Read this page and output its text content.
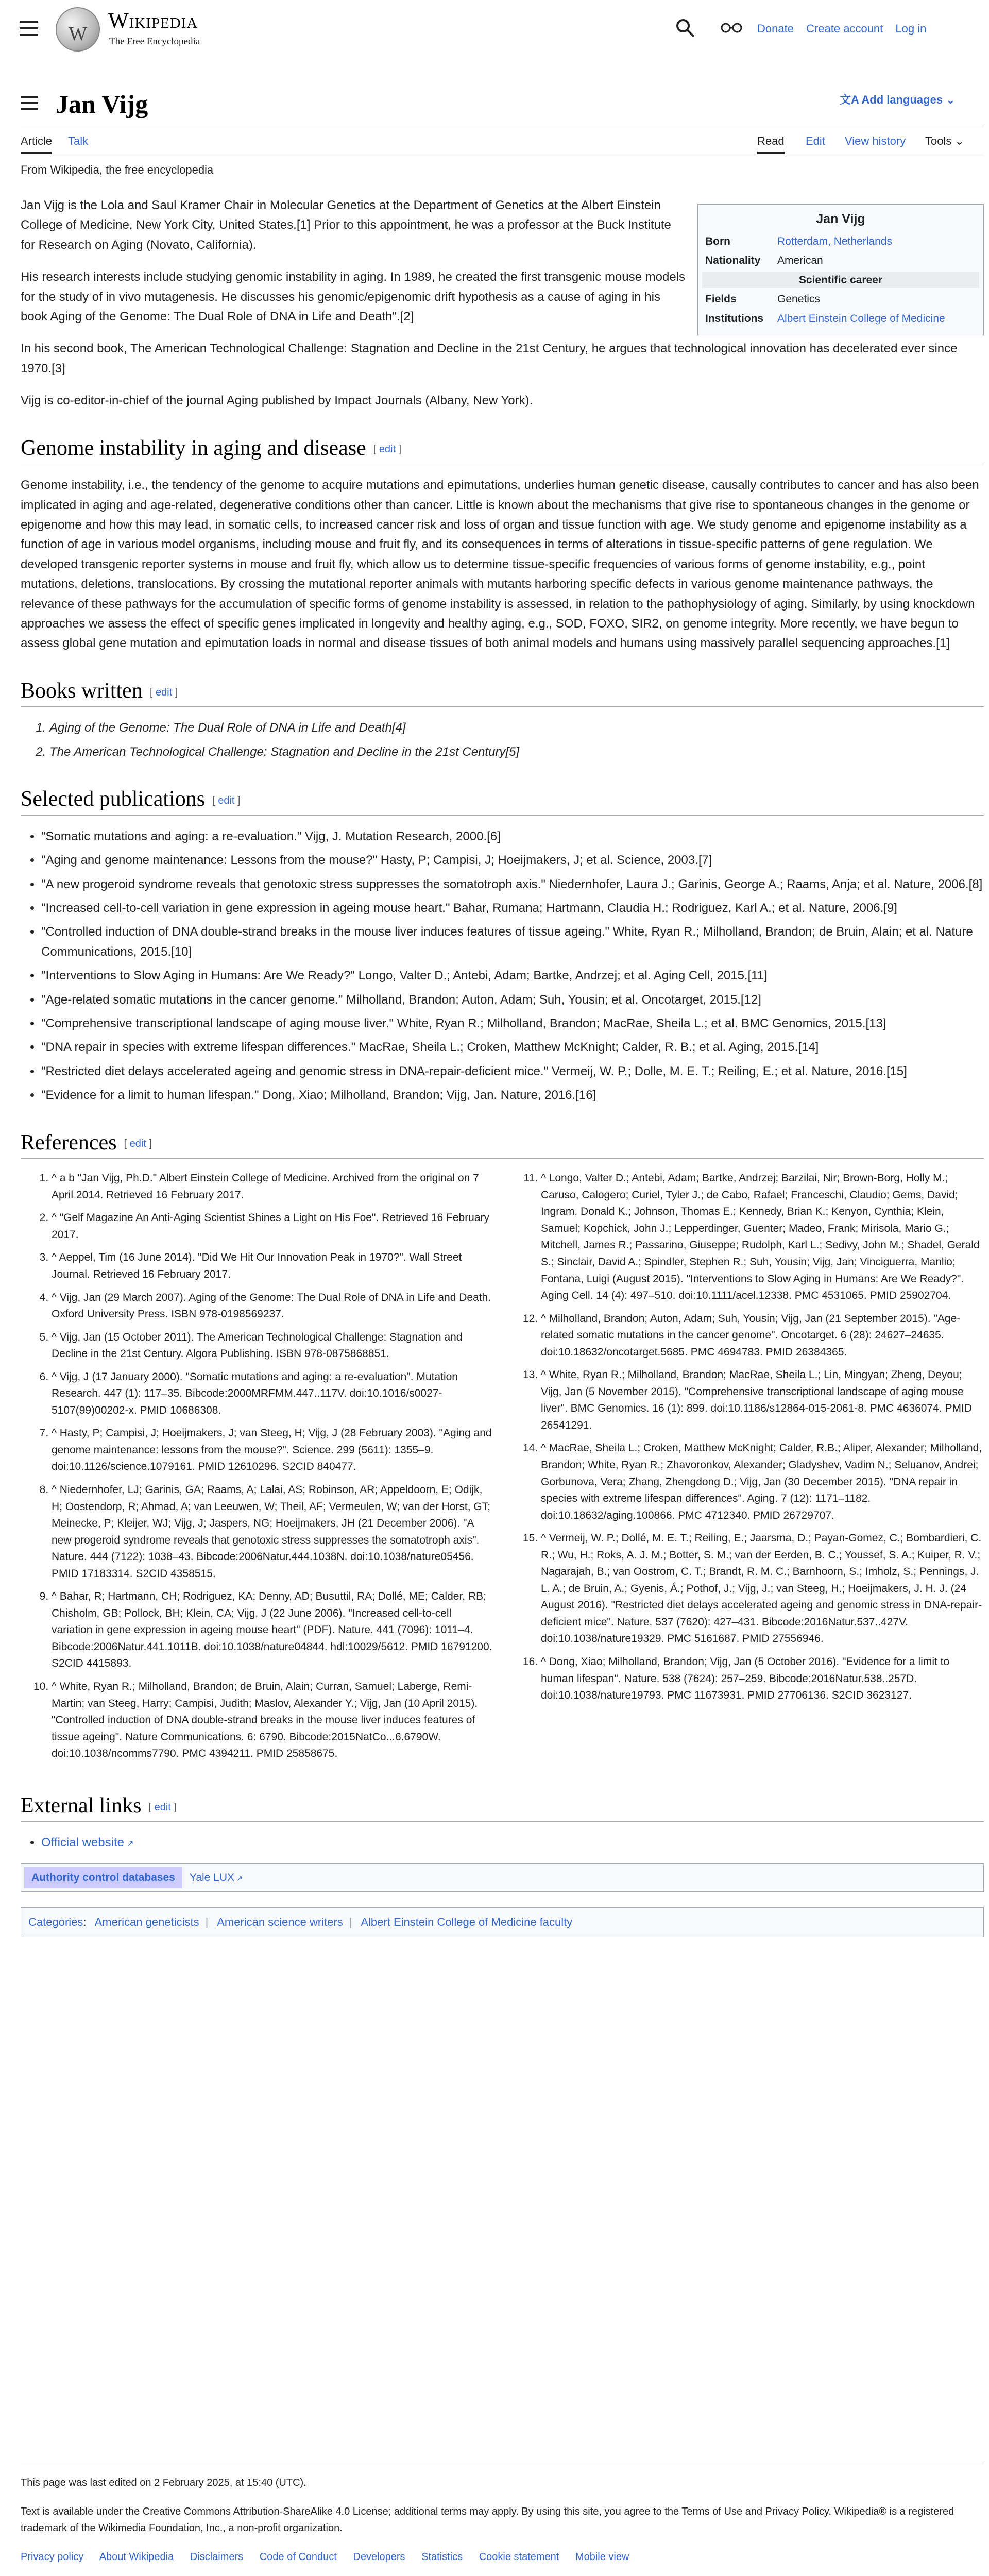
W
Wikipedia
The Free Encyclopedia
Donate Create account Log in
Jan Vijg	文A Add languages ⌄
Article Talk	Read Edit View history Tools ⌄
From Wikipedia, the free encyclopedia
Jan Vijg
Born	Rotterdam, Netherlands
Nationality	American
Scientific career
Fields	Genetics
Institutions	Albert Einstein College of Medicine

Jan Vijg is the Lola and Saul Kramer Chair in Molecular Genetics at the Department of Genetics at the Albert Einstein College of Medicine, New York City, United States.[1] Prior to this appointment, he was a professor at the Buck Institute for Research on Aging (Novato, California).

His research interests include studying genomic instability in aging. In 1989, he created the first transgenic mouse models for the study of in vivo mutagenesis. He discusses his genomic/epigenomic drift hypothesis as a cause of aging in his book Aging of the Genome: The Dual Role of DNA in Life and Death".[2]

In his second book, The American Technological Challenge: Stagnation and Decline in the 21st Century, he argues that technological innovation has decelerated ever since 1970.[3]

Vijg is co-editor-in-chief of the journal Aging published by Impact Journals (Albany, New York).

Genome instability in aging and disease [ edit ]

Genome instability, i.e., the tendency of the genome to acquire mutations and epimutations, underlies human genetic disease, causally contributes to cancer and has also been implicated in aging and age-related, degenerative conditions other than cancer. Little is known about the mechanisms that give rise to spontaneous changes in the genome or epigenome and how this may lead, in somatic cells, to increased cancer risk and loss of organ and tissue function with age. We study genome and epigenome instability as a function of age in various model organisms, including mouse and fruit fly, and its consequences in terms of alterations in tissue-specific patterns of gene regulation. We developed transgenic reporter systems in mouse and fruit fly, which allow us to determine tissue-specific frequencies of various forms of genome instability, e.g., point mutations, deletions, translocations. By crossing the mutational reporter animals with mutants harboring specific defects in various genome maintenance pathways, the relevance of these pathways for the accumulation of specific forms of genome instability is assessed, in relation to the pathophysiology of aging. Similarly, by using knockdown approaches we assess the effect of specific genes implicated in longevity and healthy aging, e.g., SOD, FOXO, SIR2, on genome integrity. More recently, we have begun to assess global gene mutation and epimutation loads in normal and disease tissues of both animal models and humans using massively parallel sequencing approaches.[1]

Books written [ edit ]
1. Aging of the Genome: The Dual Role of DNA in Life and Death[4]
2. The American Technological Challenge: Stagnation and Decline in the 21st Century[5]
Selected publications [ edit ]
• "Somatic mutations and aging: a re-evaluation." Vijg, J. Mutation Research, 2000.[6]
• "Aging and genome maintenance: Lessons from the mouse?" Hasty, P; Campisi, J; Hoeijmakers, J; et al. Science, 2003.[7]
• "A new progeroid syndrome reveals that genotoxic stress suppresses the somatotroph axis." Niedernhofer, Laura J.; Garinis, George A.; Raams, Anja; et al. Nature, 2006.[8]
• "Increased cell-to-cell variation in gene expression in ageing mouse heart." Bahar, Rumana; Hartmann, Claudia H.; Rodriguez, Karl A.; et al. Nature, 2006.[9]
• "Controlled induction of DNA double-strand breaks in the mouse liver induces features of tissue ageing." White, Ryan R.; Milholland, Brandon; de Bruin, Alain; et al. Nature Communications, 2015.[10]
• "Interventions to Slow Aging in Humans: Are We Ready?" Longo, Valter D.; Antebi, Adam; Bartke, Andrzej; et al. Aging Cell, 2015.[11]
• "Age-related somatic mutations in the cancer genome." Milholland, Brandon; Auton, Adam; Suh, Yousin; et al. Oncotarget, 2015.[12]
• "Comprehensive transcriptional landscape of aging mouse liver." White, Ryan R.; Milholland, Brandon; MacRae, Sheila L.; et al. BMC Genomics, 2015.[13]
• "DNA repair in species with extreme lifespan differences." MacRae, Sheila L.; Croken, Matthew McKnight; Calder, R. B.; et al. Aging, 2015.[14]
• "Restricted diet delays accelerated ageing and genomic stress in DNA-repair-deficient mice." Vermeij, W. P.; Dolle, M. E. T.; Reiling, E.; et al. Nature, 2016.[15]
• "Evidence for a limit to human lifespan." Dong, Xiao; Milholland, Brandon; Vijg, Jan. Nature, 2016.[16]
References [ edit ]
1. ^ a b "Jan Vijg, Ph.D." Albert Einstein College of Medicine. Archived from the original on 7 April 2014. Retrieved 16 February 2017.
2. ^ "Gelf Magazine An Anti-Aging Scientist Shines a Light on His Foe". Retrieved 16 February 2017.
3. ^ Aeppel, Tim (16 June 2014). "Did We Hit Our Innovation Peak in 1970?". Wall Street Journal. Retrieved 16 February 2017.
4. ^ Vijg, Jan (29 March 2007). Aging of the Genome: The Dual Role of DNA in Life and Death. Oxford University Press. ISBN 978-0198569237.
5. ^ Vijg, Jan (15 October 2011). The American Technological Challenge: Stagnation and Decline in the 21st Century. Algora Publishing. ISBN 978-0875868851.
6. ^ Vijg, J (17 January 2000). "Somatic mutations and aging: a re-evaluation". Mutation Research. 447 (1): 117–35. Bibcode:2000MRFMM.447..117V. doi:10.1016/s0027-5107(99)00202-x. PMID 10686308.
7. ^ Hasty, P; Campisi, J; Hoeijmakers, J; van Steeg, H; Vijg, J (28 February 2003). "Aging and genome maintenance: lessons from the mouse?". Science. 299 (5611): 1355–9. doi:10.1126/science.1079161. PMID 12610296. S2CID 840477.
8. ^ Niedernhofer, LJ; Garinis, GA; Raams, A; Lalai, AS; Robinson, AR; Appeldoorn, E; Odijk, H; Oostendorp, R; Ahmad, A; van Leeuwen, W; Theil, AF; Vermeulen, W; van der Horst, GT; Meinecke, P; Kleijer, WJ; Vijg, J; Jaspers, NG; Hoeijmakers, JH (21 December 2006). "A new progeroid syndrome reveals that genotoxic stress suppresses the somatotroph axis". Nature. 444 (7122): 1038–43. Bibcode:2006Natur.444.1038N. doi:10.1038/nature05456. PMID 17183314. S2CID 4358515.
9. ^ Bahar, R; Hartmann, CH; Rodriguez, KA; Denny, AD; Busuttil, RA; Dollé, ME; Calder, RB; Chisholm, GB; Pollock, BH; Klein, CA; Vijg, J (22 June 2006). "Increased cell-to-cell variation in gene expression in ageing mouse heart" (PDF). Nature. 441 (7096): 1011–4. Bibcode:2006Natur.441.1011B. doi:10.1038/nature04844. hdl:10029/5612. PMID 16791200. S2CID 4415893.
10. ^ White, Ryan R.; Milholland, Brandon; de Bruin, Alain; Curran, Samuel; Laberge, Remi-Martin; van Steeg, Harry; Campisi, Judith; Maslov, Alexander Y.; Vijg, Jan (10 April 2015). "Controlled induction of DNA double-strand breaks in the mouse liver induces features of tissue ageing". Nature Communications. 6: 6790. Bibcode:2015NatCo...6.6790W. doi:10.1038/ncomms7790. PMC 4394211. PMID 25858675.
11. ^ Longo, Valter D.; Antebi, Adam; Bartke, Andrzej; Barzilai, Nir; Brown-Borg, Holly M.; Caruso, Calogero; Curiel, Tyler J.; de Cabo, Rafael; Franceschi, Claudio; Gems, David; Ingram, Donald K.; Johnson, Thomas E.; Kennedy, Brian K.; Kenyon, Cynthia; Klein, Samuel; Kopchick, John J.; Lepperdinger, Guenter; Madeo, Frank; Mirisola, Mario G.; Mitchell, James R.; Passarino, Giuseppe; Rudolph, Karl L.; Sedivy, John M.; Shadel, Gerald S.; Sinclair, David A.; Spindler, Stephen R.; Suh, Yousin; Vijg, Jan; Vinciguerra, Manlio; Fontana, Luigi (August 2015). "Interventions to Slow Aging in Humans: Are We Ready?". Aging Cell. 14 (4): 497–510. doi:10.1111/acel.12338. PMC 4531065. PMID 25902704.
12. ^ Milholland, Brandon; Auton, Adam; Suh, Yousin; Vijg, Jan (21 September 2015). "Age-related somatic mutations in the cancer genome". Oncotarget. 6 (28): 24627–24635. doi:10.18632/oncotarget.5685. PMC 4694783. PMID 26384365.
13. ^ White, Ryan R.; Milholland, Brandon; MacRae, Sheila L.; Lin, Mingyan; Zheng, Deyou; Vijg, Jan (5 November 2015). "Comprehensive transcriptional landscape of aging mouse liver". BMC Genomics. 16 (1): 899. doi:10.1186/s12864-015-2061-8. PMC 4636074. PMID 26541291.
14. ^ MacRae, Sheila L.; Croken, Matthew McKnight; Calder, R.B.; Aliper, Alexander; Milholland, Brandon; White, Ryan R.; Zhavoronkov, Alexander; Gladyshev, Vadim N.; Seluanov, Andrei; Gorbunova, Vera; Zhang, Zhengdong D.; Vijg, Jan (30 December 2015). "DNA repair in species with extreme lifespan differences". Aging. 7 (12): 1171–1182. doi:10.18632/aging.100866. PMC 4712340. PMID 26729707.
15. ^ Vermeij, W. P.; Dollé, M. E. T.; Reiling, E.; Jaarsma, D.; Payan-Gomez, C.; Bombardieri, C. R.; Wu, H.; Roks, A. J. M.; Botter, S. M.; van der Eerden, B. C.; Youssef, S. A.; Kuiper, R. V.; Nagarajah, B.; van Oostrom, C. T.; Brandt, R. M. C.; Barnhoorn, S.; Imholz, S.; Pennings, J. L. A.; de Bruin, A.; Gyenis, Á.; Pothof, J.; Vijg, J.; van Steeg, H.; Hoeijmakers, J. H. J. (24 August 2016). "Restricted diet delays accelerated ageing and genomic stress in DNA-repair-deficient mice". Nature. 537 (7620): 427–431. Bibcode:2016Natur.537..427V. doi:10.1038/nature19329. PMC 5161687. PMID 27556946.
16. ^ Dong, Xiao; Milholland, Brandon; Vijg, Jan (5 October 2016). "Evidence for a limit to human lifespan". Nature. 538 (7624): 257–259. Bibcode:2016Natur.538..257D. doi:10.1038/nature19793. PMC 11673931. PMID 27706136. S2CID 3623127.
External links [ edit ]
• Official website ↗
Authority control databases	Yale LUX ↗
Categories: American geneticists | American science writers | Albert Einstein College of Medicine faculty

This page was last edited on 2 February 2025, at 15:40 (UTC).

Text is available under the Creative Commons Attribution-ShareAlike 4.0 License; additional terms may apply. By using this site, you agree to the Terms of Use and Privacy Policy. Wikipedia® is a registered trademark of the Wikimedia Foundation, Inc., a non-profit organization.

Privacy policy About Wikipedia Disclaimers Code of Conduct Developers Statistics Cookie statement Mobile view
